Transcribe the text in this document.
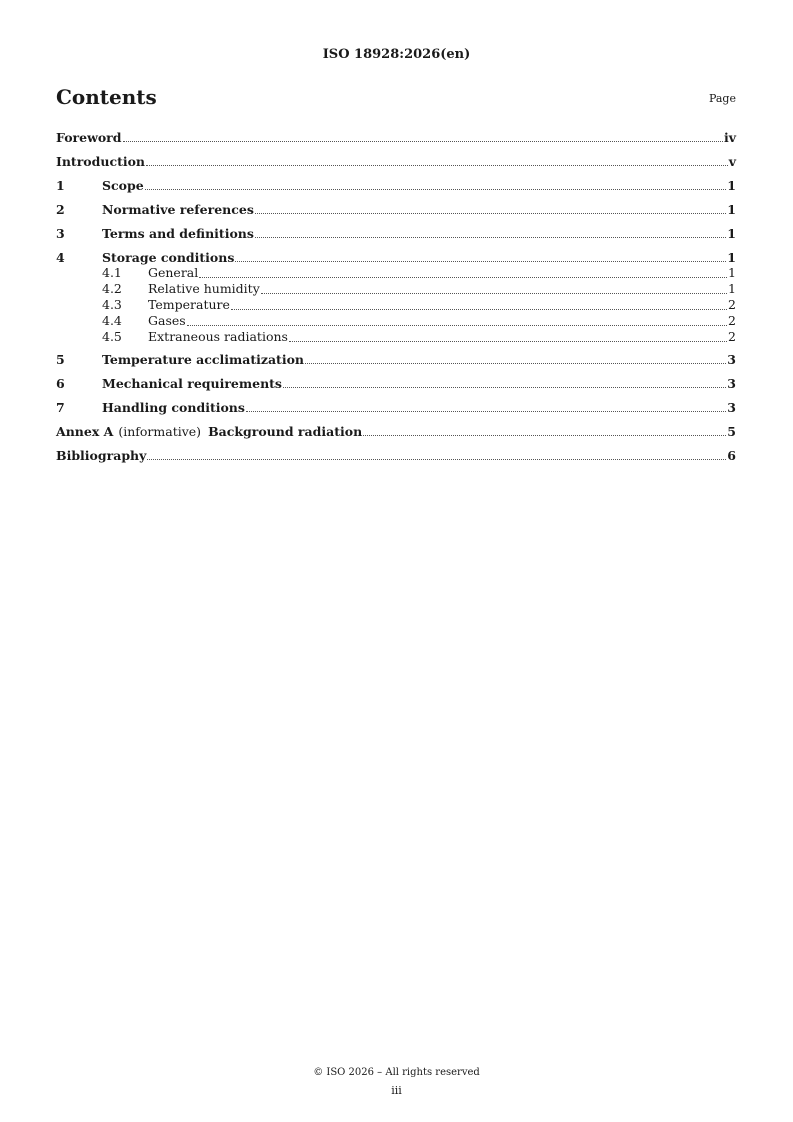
ISO 18928:2026(en)
Contents	Page
Foreword	iv
Introduction	v
1	Scope	1
2	Normative references	1
3	Terms and definitions	1
4	Storage conditions	1
4.1	General	1
4.2	Relative humidity	1
4.3	Temperature	2
4.4	Gases	2
4.5	Extraneous radiations	2
5	Temperature acclimatization	3
6	Mechanical requirements	3
7	Handling conditions	3
Annex A (informative) Background radiation	5
Bibliography	6
© ISO 2026 – All rights reserved
iii
